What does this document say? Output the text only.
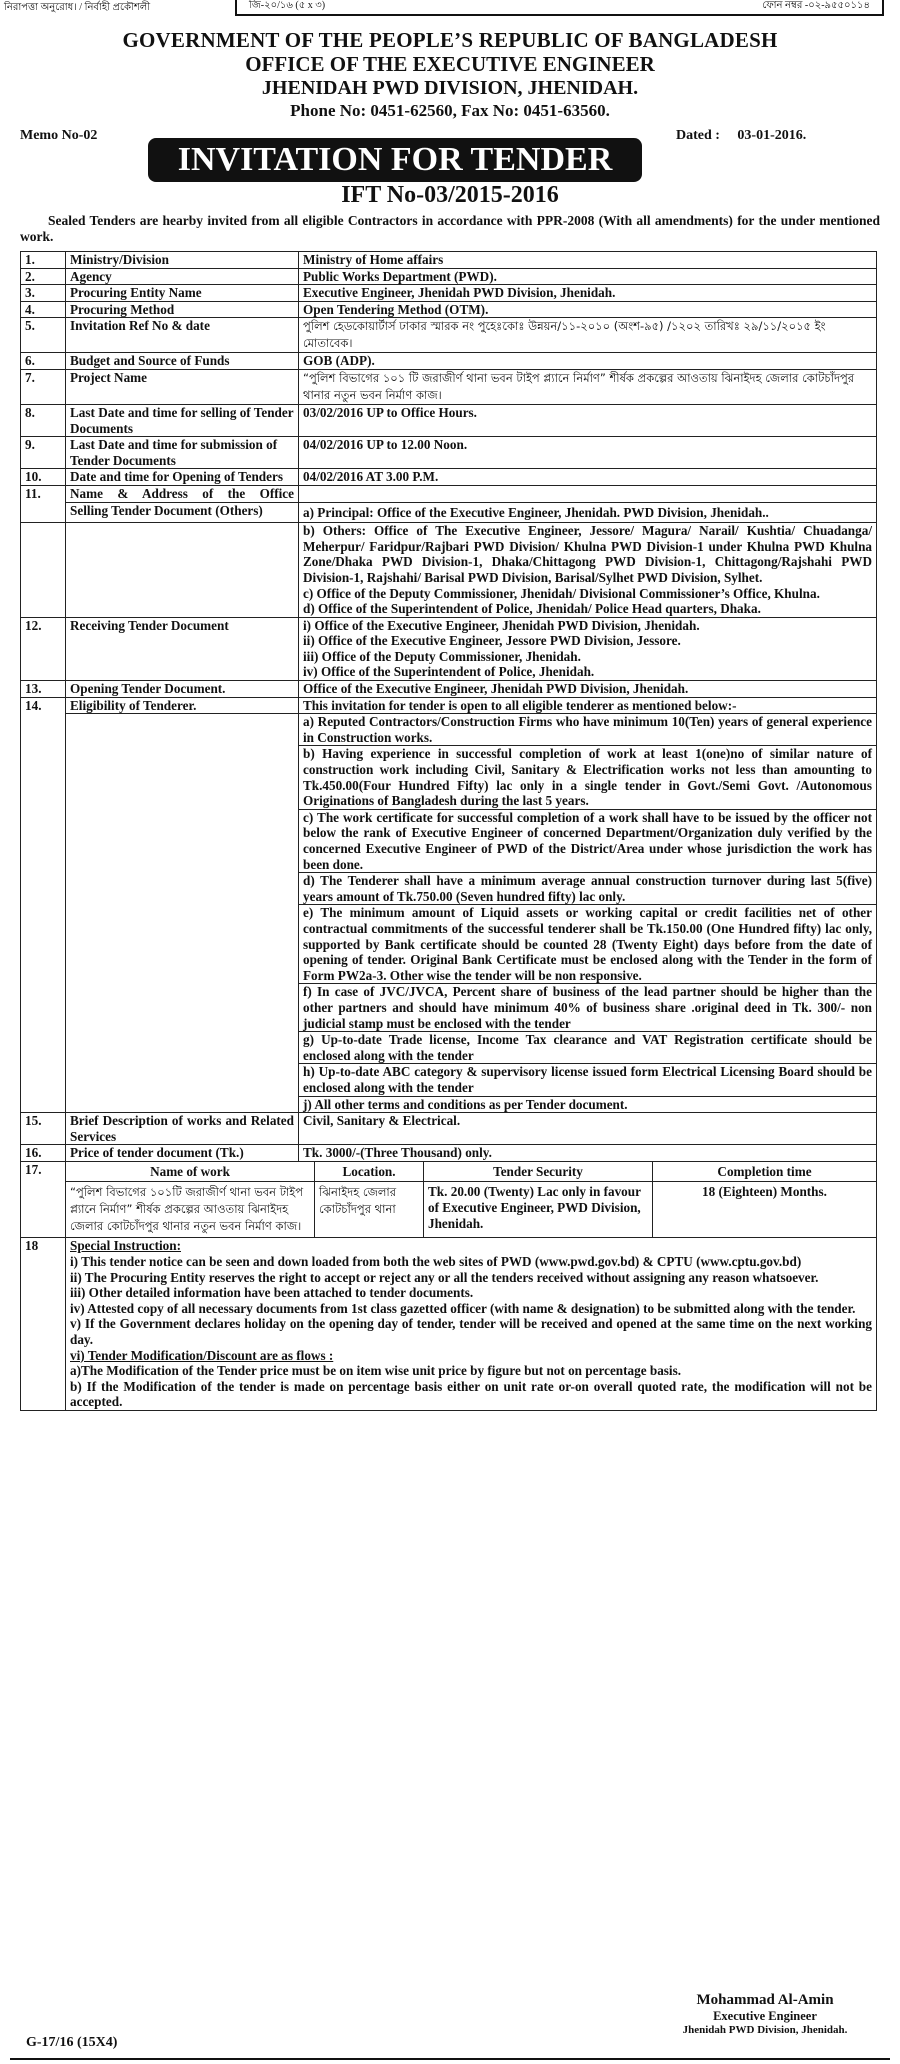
নিরাপত্তা অনুরোধ। / নির্বাহী প্রকৌশলী	জি-২০/১৬ (৫ x ৩)	ফোন নম্বর -০২-৯৫৫০১১৪
GOVERNMENT OF THE PEOPLE’S REPUBLIC OF BANGLADESH
OFFICE OF THE EXECUTIVE ENGINEER
JHENIDAH PWD DIVISION, JHENIDAH.
Phone No: 0451-62560, Fax No: 0451-63560.
Memo No-02	Dated :     03-01-2016.
INVITATION FOR TENDER
IFT No-03/2015-2016
Sealed Tenders are hearby invited from all eligible Contractors in accordance with PPR-2008 (With all amendments) for the under mentioned work.
1.	Ministry/Division	Ministry of Home affairs
2.	Agency	Public Works Department (PWD).
3.	Procuring Entity Name	Executive Engineer, Jhenidah PWD Division, Jhenidah.
4.	Procuring Method	Open Tendering Method (OTM).
5.	Invitation Ref No & date	পুলিশ হেডকোয়ার্টার্স ঢাকার স্মারক নং পুহেঃকোঃ উন্নয়ন/১১-২০১০ (অংশ-৯৫) /১২০২ তারিখঃ ২৯/১১/২০১৫ ইং মোতাবেক।
6.	Budget and Source of Funds	GOB (ADP).
7.	Project Name	“পুলিশ বিভাগের ১০১ টি জরাজীর্ণ থানা ভবন টাইপ প্ল্যানে নির্মাণ” শীর্ষক প্রকল্পের আওতায় ঝিনাইদহ জেলার কোটচাঁদপুর থানার নতুন ভবন নির্মাণ কাজ।
8.	Last Date and time for selling of Tender Documents	03/02/2016 UP to Office Hours.
9.	Last Date and time for submission of Tender Documents	04/02/2016 UP to 12.00 Noon.
10.	Date and time for Opening of Tenders	04/02/2016 AT 3.00 P.M.
11.	Name & Address of the Office	
	Selling Tender Document (Others)	a) Principal: Office of the Executive Engineer, Jhenidah. PWD Division, Jhenidah..

b) Others: Office of The Executive Engineer, Jessore/ Magura/ Narail/ Kushtia/ Chuadanga/ Meherpur/ Faridpur/Rajbari PWD Division/ Khulna PWD Division-1 under Khulna PWD Khulna Zone/Dhaka PWD Division-1, Dhaka/Chittagong PWD Division-1, Chittagong/Rajshahi PWD Division-1, Rajshahi/ Barisal PWD Division, Barisal/Sylhet PWD Division, Sylhet.
c) Office of the Deputy Commissioner, Jhenidah/ Divisional Commissioner’s Office, Khulna.
d) Office of the Superintendent of Police, Jhenidah/ Police Head quarters, Dhaka.

12.	Receiving Tender Document	i) Office of the Executive Engineer, Jhenidah PWD Division, Jhenidah.
ii) Office of the Executive Engineer, Jessore PWD Division, Jessore.
iii) Office of the Deputy Commissioner, Jhenidah.
iv) Office of the Superintendent of Police, Jhenidah.

13.	Opening Tender Document.	Office of the Executive Engineer, Jhenidah PWD Division, Jhenidah.
14.	Eligibility of Tenderer.	This invitation for tender is open to all eligible tenderer as mentioned below:-
		a) Reputed Contractors/Construction Firms who have minimum 10(Ten) years of general experience in Construction works.
		b) Having experience in successful completion of work at least 1(one)no of similar nature of construction work including Civil, Sanitary & Electrification works not less than amounting to Tk.450.00(Four Hundred Fifty) lac only in a single tender in Govt./Semi Govt. /Autonomous Originations of Bangladesh during the last 5 years.
		c) The work certificate for successful completion of a work shall have to be issued by the officer not below the rank of Executive Engineer of concerned Department/Organization duly verified by the concerned Executive Engineer of PWD of the District/Area under whose jurisdiction the work has been done.
		d) The Tenderer shall have a minimum average annual construction turnover during last 5(five) years amount of Tk.750.00 (Seven hundred fifty) lac only.
		e) The minimum amount of Liquid assets or working capital or credit facilities net of other contractual commitments of the successful tenderer shall be Tk.150.00 (One Hundred fifty) lac only, supported by Bank certificate should be counted 28 (Twenty Eight) days before from the date of opening of tender. Original Bank Certificate must be enclosed along with the Tender in the form of Form PW2a-3. Other wise the tender will be non responsive.
		f) In case of JVC/JVCA, Percent share of business of the lead partner should be higher than the other partners and should have minimum 40% of business share .original deed in Tk. 300/- non judicial stamp must be enclosed with the tender
		g) Up-to-date Trade license, Income Tax clearance and VAT Registration certificate should be enclosed along with the tender
		h) Up-to-date ABC category & supervisory license issued form Electrical Licensing Board should be enclosed along with the tender
		j) All other terms and conditions as per Tender document.
15.	Brief Description of works and Related Services	Civil, Sanitary & Electrical.
16.	Price of tender document (Tk.)	Tk. 3000/-(Three Thousand) only.
17.		Name of work	Location.	Tender Security	Completion time
“পুলিশ বিভাগের ১০১টি জরাজীর্ণ থানা ভবন টাইপ প্ল্যানে নির্মাণ” শীর্ষক প্রকল্পের আওতায় ঝিনাইদহ জেলার কোটচাঁদপুর থানার নতুন ভবন নির্মাণ কাজ।	ঝিনাইদহ জেলার কোটচাঁদপুর থানা	Tk. 20.00 (Twenty) Lac only in favour of Executive Engineer, PWD Division, Jhenidah.	18 (Eighteen) Months.

18	Special Instruction:
i) This tender notice can be seen and down loaded from both the web sites of PWD (www.pwd.gov.bd) & CPTU (www.cptu.gov.bd)
ii) The Procuring Entity reserves the right to accept or reject any or all the tenders received without assigning any reason whatsoever.
iii) Other detailed information have been attached to tender documents.
iv) Attested copy of all necessary documents from 1st class gazetted officer (with name & designation) to be submitted along with the tender.
v) If the Government declares holiday on the opening day of tender, tender will be received and opened at the same time on the next working day.
vi) Tender Modification/Discount are as flows :
a)The Modification of the Tender price must be on item wise unit price by figure but not on percentage basis.
b) If the Modification of the tender is made on percentage basis either on unit rate or-on overall quoted rate, the modification will not be accepted.
Mohammad Al-Amin
Executive Engineer
Jhenidah PWD Division, Jhenidah.
G-17/16 (15X4)
